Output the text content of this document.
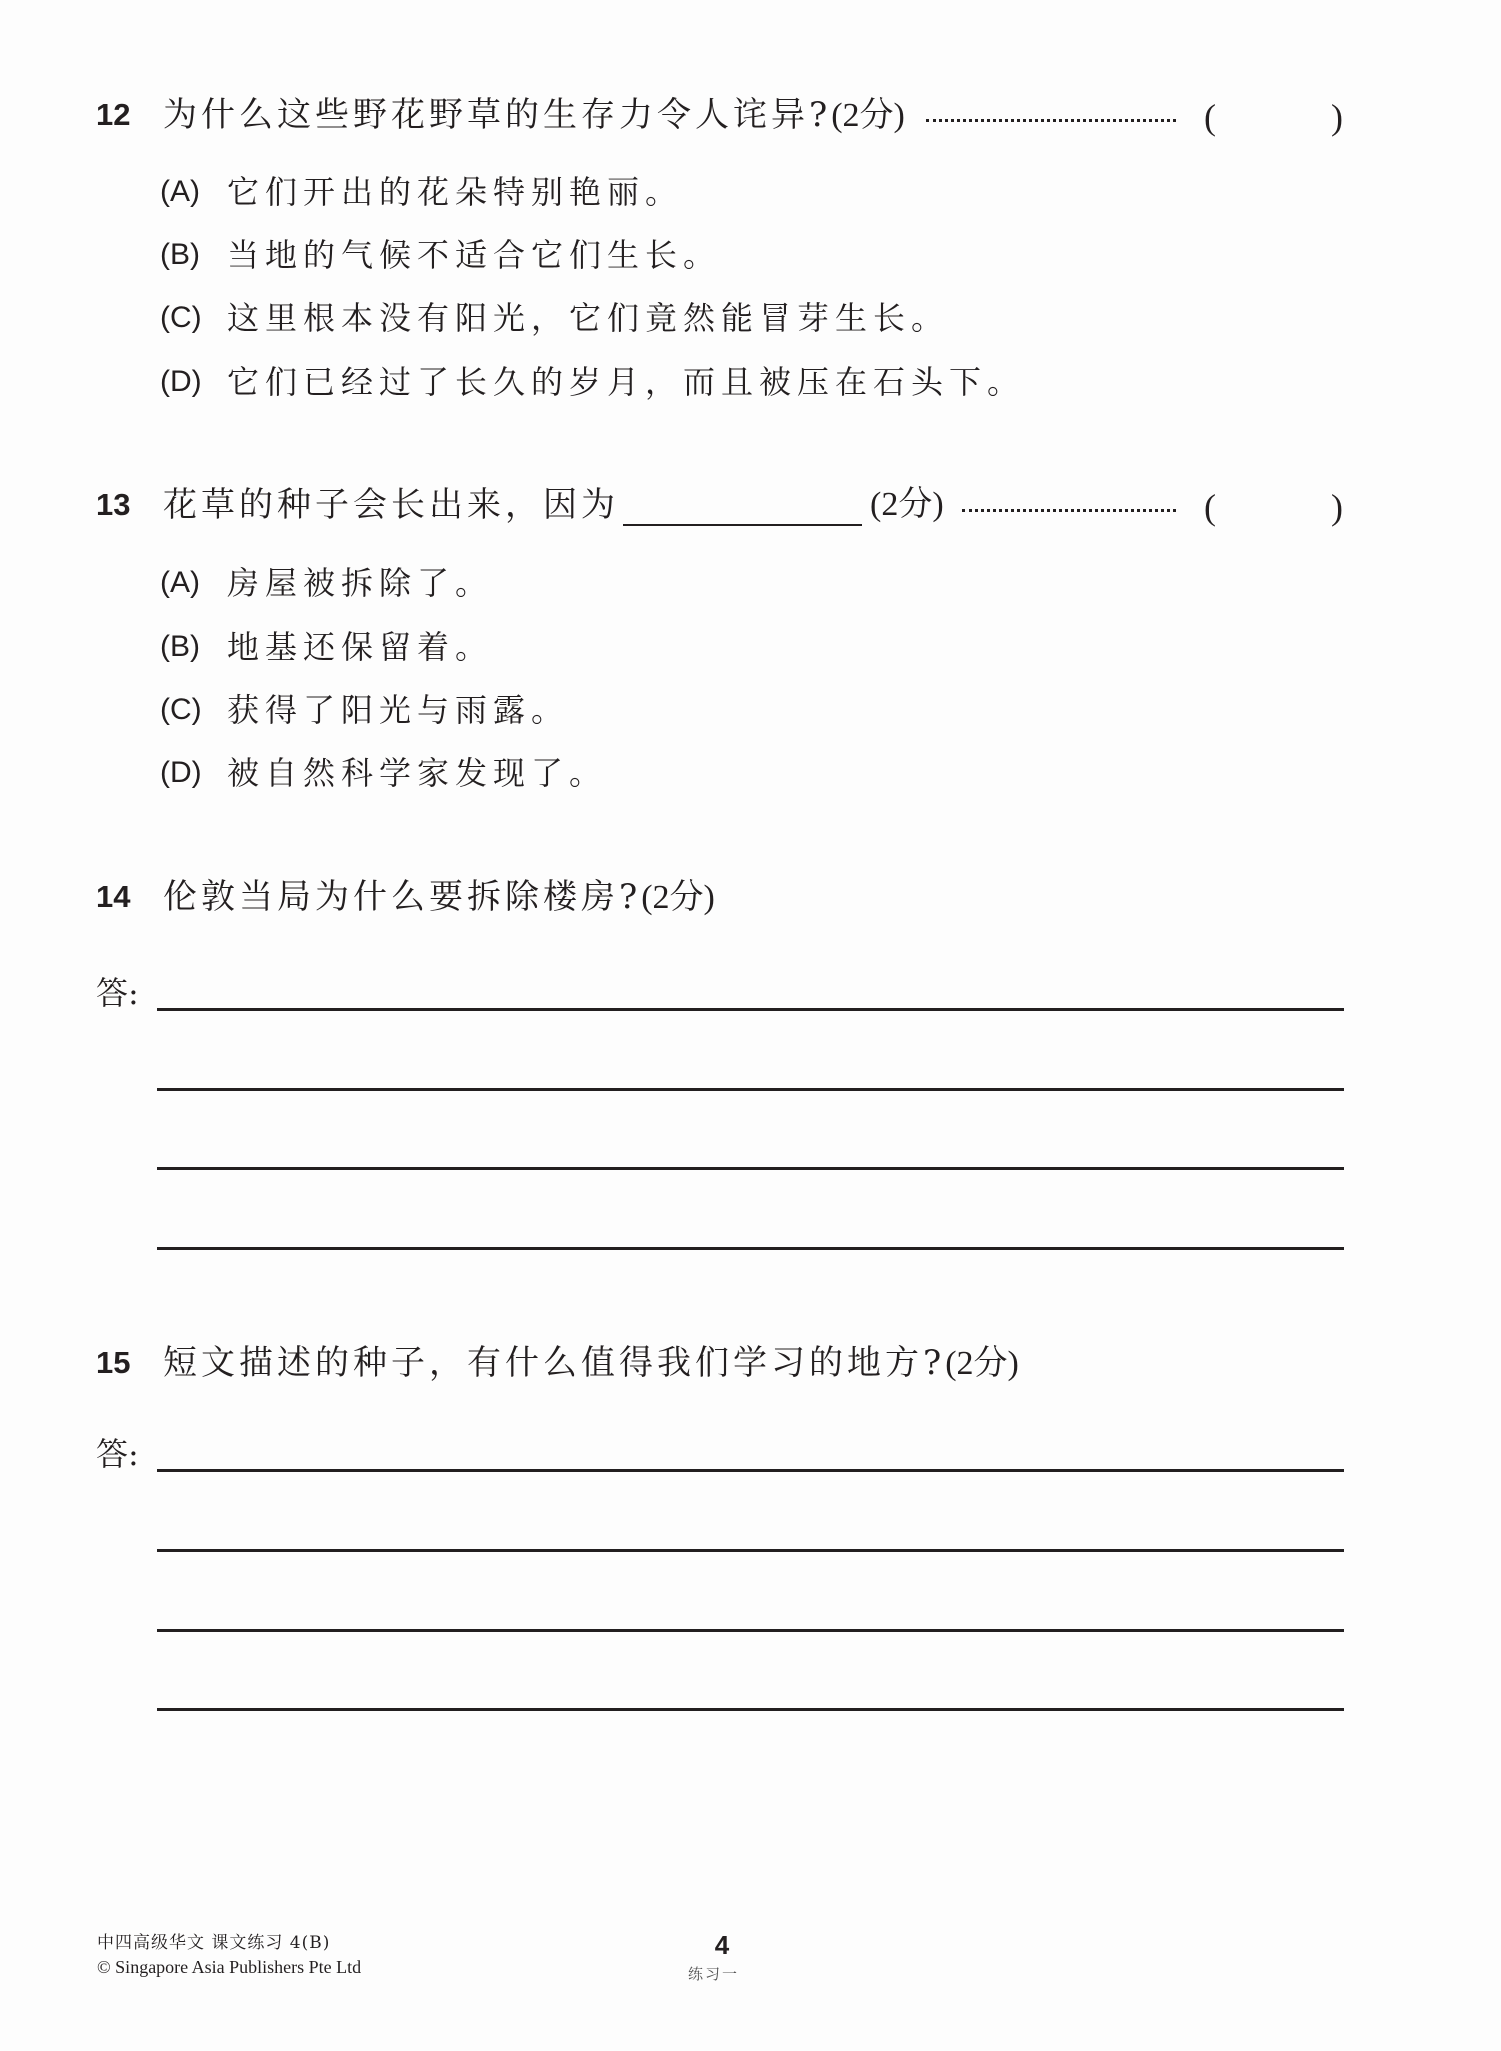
12 为什么这些野花野草的生存力令人诧异?(2分)	(	)
(A) 它们开出的花朵特别艳丽。
(B) 当地的气候不适合它们生长。
(C) 这里根本没有阳光，它们竟然能冒芽生长。
(D) 它们已经过了长久的岁月，而且被压在石头下。
13 花草的种子会长出来，因为	(2分)	(	)
(A) 房屋被拆除了。
(B) 地基还保留着。
(C) 获得了阳光与雨露。
(D) 被自然科学家发现了。
14 伦敦当局为什么要拆除楼房?(2分)
答:
15 短文描述的种子，有什么值得我们学习的地方?(2分)
答:
中四高级华文 课文练习 4(B)
© Singapore Asia Publishers Pte Ltd
4
练习一
